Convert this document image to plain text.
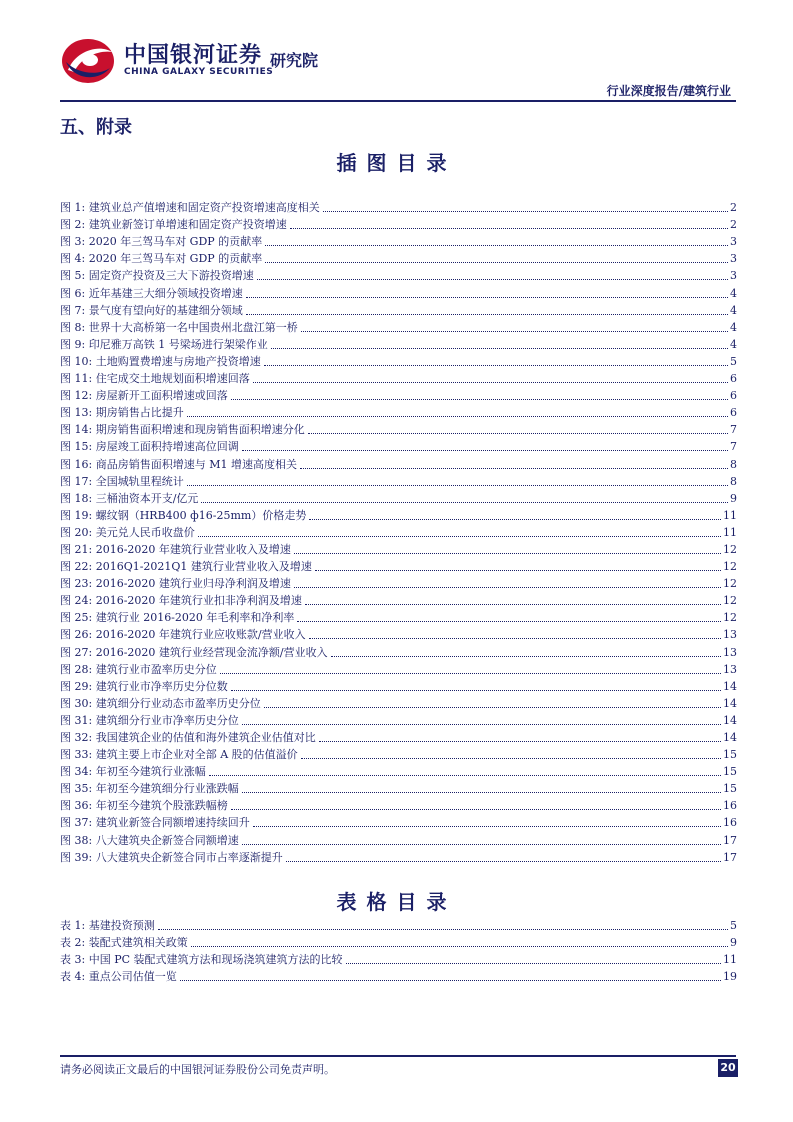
中国银河证券
CHINA GALAXY SECURITIES
研究院
行业深度报告/建筑行业
五、附录
插图目录
图 1: 建筑业总产值增速和固定资产投资增速高度相关	2
图 2: 建筑业新签订单增速和固定资产投资增速	2
图 3: 2020 年三驾马车对 GDP 的贡献率	3
图 4: 2020 年三驾马车对 GDP 的贡献率	3
图 5: 固定资产投资及三大下游投资增速	3
图 6: 近年基建三大细分领域投资增速	4
图 7: 景气度有望向好的基建细分领域	4
图 8: 世界十大高桥第一名中国贵州北盘江第一桥	4
图 9: 印尼雅万高铁 1 号梁场进行架梁作业	4
图 10: 土地购置费增速与房地产投资增速	5
图 11: 住宅成交土地规划面积增速回落	6
图 12: 房屋新开工面积增速或回落	6
图 13: 期房销售占比提升	6
图 14: 期房销售面积增速和现房销售面积增速分化	7
图 15: 房屋竣工面积持增速高位回调	7
图 16: 商品房销售面积增速与 M1 增速高度相关	8
图 17: 全国城轨里程统计	8
图 18: 三桶油资本开支/亿元	9
图 19: 螺纹钢（HRB400 ф16-25mm）价格走势	11
图 20: 美元兑人民币收盘价	11
图 21: 2016-2020 年建筑行业营业收入及增速	12
图 22: 2016Q1-2021Q1 建筑行业营业收入及增速	12
图 23: 2016-2020 建筑行业归母净利润及增速	12
图 24: 2016-2020 年建筑行业扣非净利润及增速	12
图 25: 建筑行业 2016-2020 年毛利率和净利率	12
图 26: 2016-2020 年建筑行业应收账款/营业收入	13
图 27: 2016-2020 建筑行业经营现金流净额/营业收入	13
图 28: 建筑行业市盈率历史分位	13
图 29: 建筑行业市净率历史分位数	14
图 30: 建筑细分行业动态市盈率历史分位	14
图 31: 建筑细分行业市净率历史分位	14
图 32: 我国建筑企业的估值和海外建筑企业估值对比	14
图 33: 建筑主要上市企业对全部 A 股的估值溢价	15
图 34: 年初至今建筑行业涨幅	15
图 35: 年初至今建筑细分行业涨跌幅	15
图 36: 年初至今建筑个股涨跌幅榜	16
图 37: 建筑业新签合同额增速持续回升	16
图 38: 八大建筑央企新签合同额增速	17
图 39: 八大建筑央企新签合同市占率逐渐提升	17
表格目录
表 1: 基建投资预测	5
表 2: 装配式建筑相关政策	9
表 3: 中国 PC 装配式建筑方法和现场浇筑建筑方法的比较	11
表 4: 重点公司估值一览	19
请务必阅读正文最后的中国银河证券股份公司免责声明。	20
